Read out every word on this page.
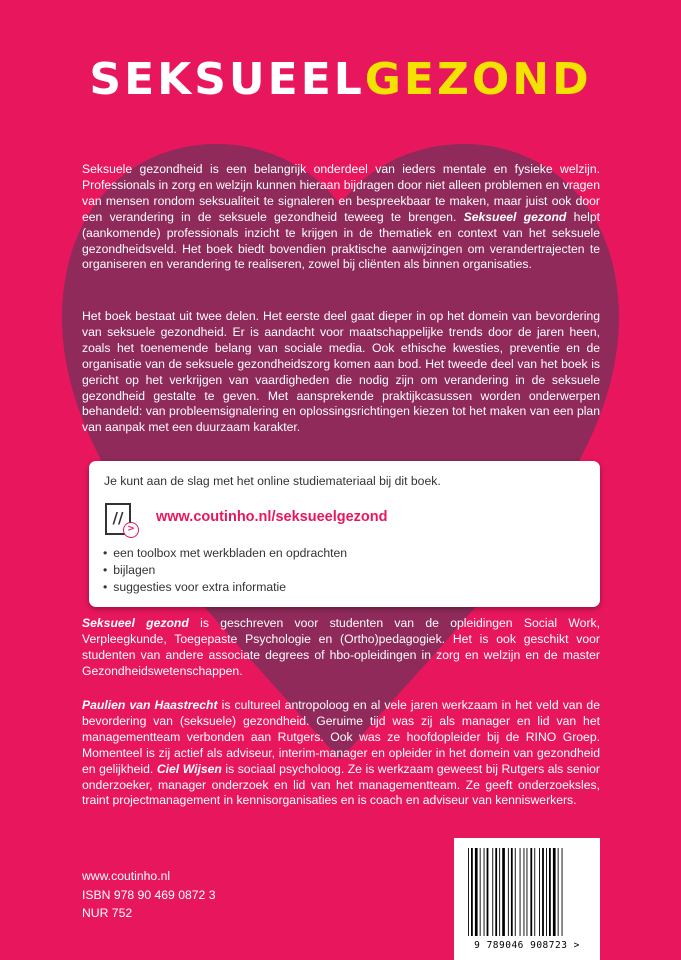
SEKSUEELGEZOND

Seksuele gezondheid is een belangrijk onderdeel van ieders mentale en fysieke welzijn. Professionals in zorg en welzijn kunnen hieraan bijdragen door niet alleen problemen en vragen van mensen rondom seksualiteit te signaleren en bespreekbaar te maken, maar juist ook door een verandering in de seksuele gezondheid teweeg te brengen. Seksueel gezond helpt (aankomende) professionals inzicht te krijgen in de thematiek en context van het seksuele gezondheidsveld. Het boek biedt bovendien praktische aanwijzingen om verandertrajecten te organiseren en verandering te realiseren, zowel bij cliënten als binnen organisaties.

Het boek bestaat uit twee delen. Het eerste deel gaat dieper in op het domein van bevordering van seksuele gezondheid. Er is aandacht voor maatschappelijke trends door de jaren heen, zoals het toenemende belang van sociale media. Ook ethische kwesties, preventie en de organisatie van de seksuele gezondheidszorg komen aan bod. Het tweede deel van het boek is gericht op het verkrijgen van vaardigheden die nodig zijn om verandering in de seksuele gezondheid gestalte te geven. Met aansprekende praktijkcasussen worden onderwerpen behandeld: van probleemsignalering en oplossingsrichtingen kiezen tot het maken van een plan van aanpak met een duurzaam karakter.

Je kunt aan de slag met het online studiemateriaal bij dit boek.
//
>
www.coutinho.nl/seksueelgezond
• een toolbox met werkbladen en opdrachten
• bijlagen
• suggesties voor extra informatie

Seksueel gezond is geschreven voor studenten van de opleidingen Social Work, Verpleegkunde, Toegepaste Psychologie en (Ortho)pedagogiek. Het is ook geschikt voor studenten van andere associate degrees of hbo-opleidingen in zorg en welzijn en de master Gezondheidswetenschappen.

Paulien van Haastrecht is cultureel antropoloog en al vele jaren werkzaam in het veld van de bevordering van (seksuele) gezondheid. Geruime tijd was zij als manager en lid van het managementteam verbonden aan Rutgers. Ook was ze hoofdopleider bij de RINO Groep. Momenteel is zij actief als adviseur, interim-manager en opleider in het domein van gezondheid en gelijkheid. Ciel Wijsen is sociaal psycholoog. Ze is werkzaam geweest bij Rutgers als senior onderzoeker, manager onderzoek en lid van het managementteam. Ze geeft onderzoeksles, traint projectmanagement in kennisorganisaties en is coach en adviseur van kenniswerkers.

www.coutinho.nl
ISBN 978 90 469 0872 3
NUR 752
9 789046 908723 >
